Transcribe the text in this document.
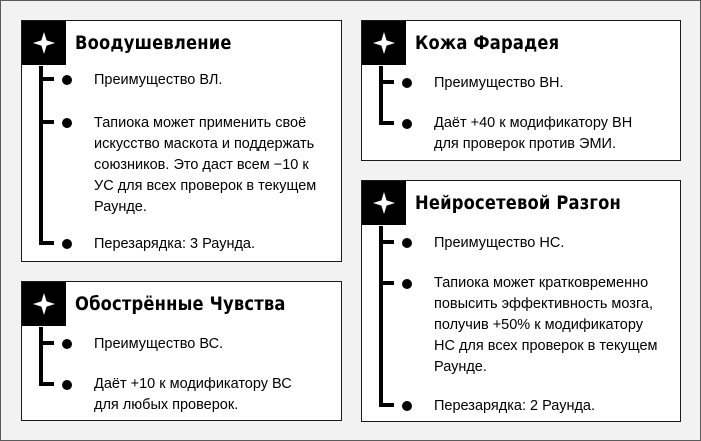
Воодушевление
Преимущество ВЛ.
Тапиока может применить своё
искусство маскота и поддержать
союзников. Это даст всем −10 к
УС для всех проверок в текущем
Раунде.
Перезарядка: 3 Раунда.
Обострённые Чувства
Преимущество ВС.
Даёт +10 к модификатору ВС
для любых проверок.
Кожа Фарадея
Преимущество ВН.
Даёт +40 к модификатору ВН
для проверок против ЭМИ.
Нейросетевой Разгон
Преимущество НС.
Тапиока может кратковременно
повысить эффективность мозга,
получив +50% к модификатору
НС для всех проверок в текущем
Раунде.
Перезарядка: 2 Раунда.
